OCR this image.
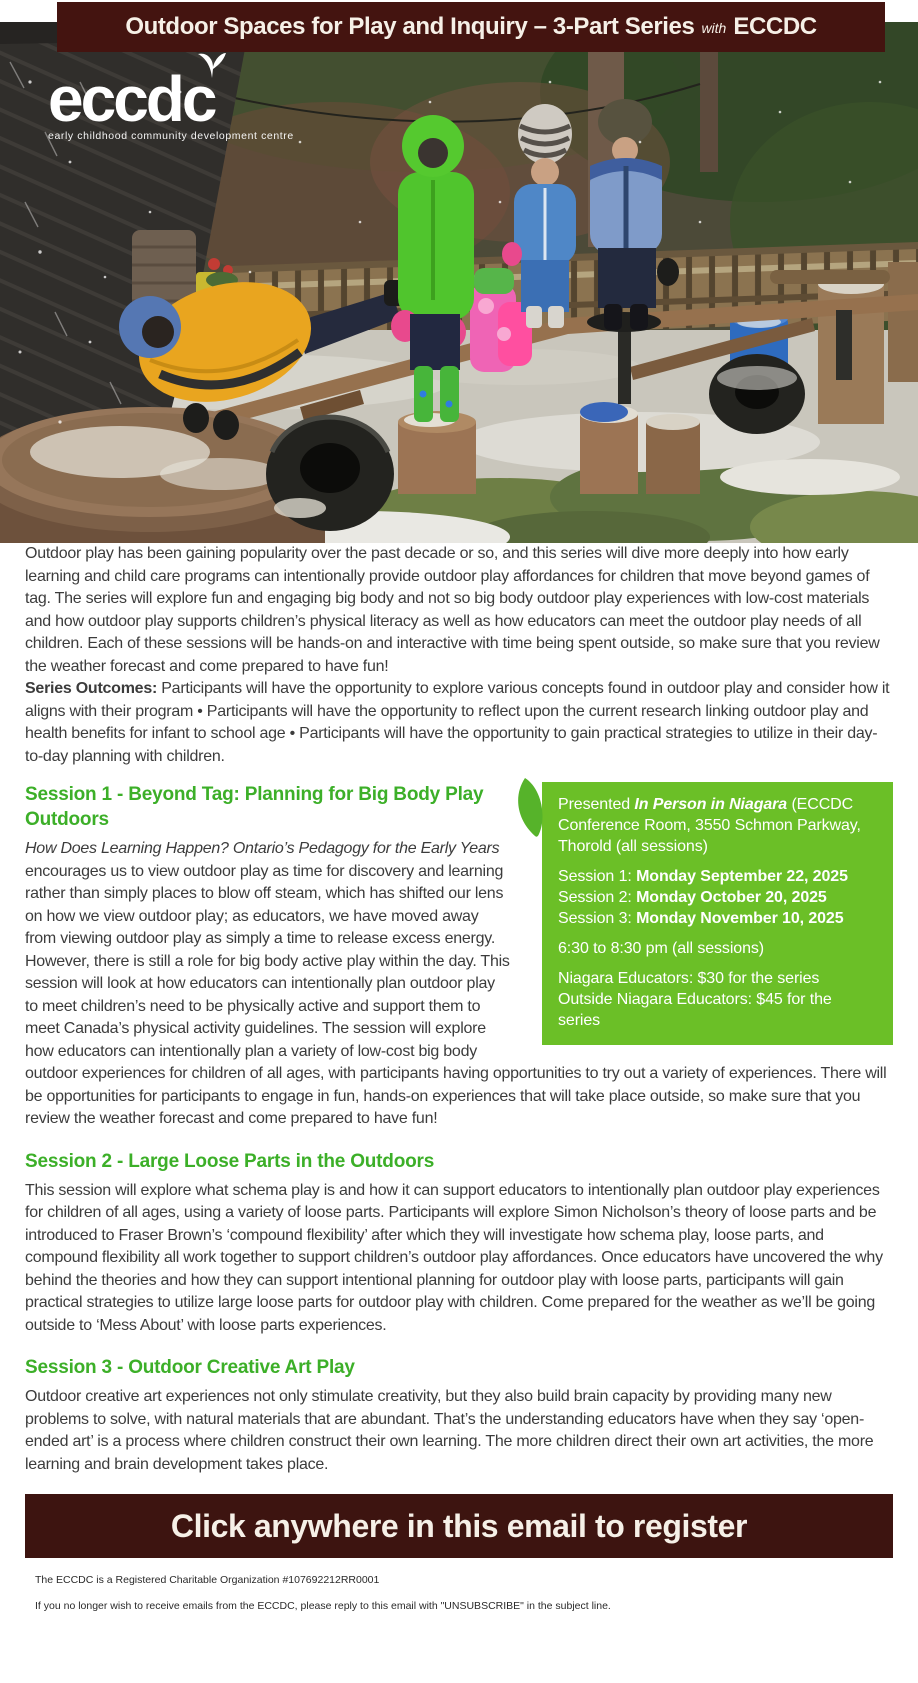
Outdoor Spaces for Play and Inquiry – 3-Part Series with ECCDC
eccdc
early childhood community development centre

Outdoor play has been gaining popularity over the past decade or so, and this series will dive more deeply into how early learning and child care programs can intentionally provide outdoor play affordances for children that move beyond games of tag. The series will explore fun and engaging big body and not so big body outdoor play experiences with low-cost materials and how outdoor play supports children’s physical literacy as well as how educators can meet the outdoor play needs of all children. Each of these sessions will be hands-on and interactive with time being spent outside, so make sure that you review the weather forecast and come prepared to have fun!

Series Outcomes: Participants will have the opportunity to explore various concepts found in outdoor play and consider how it aligns with their program • Participants will have the opportunity to reflect upon the current research linking outdoor play and health benefits for infant to school age • Participants will have the opportunity to gain practical strategies to utilize in their day-to-day planning with children.

Presented In Person in Niagara (ECCDC Conference Room, 3550 Schmon Parkway, Thorold (all sessions)

Session 1: Monday September 22, 2025
Session 2: Monday October 20, 2025
Session 3: Monday November 10, 2025

6:30 to 8:30 pm (all sessions)

Niagara Educators: $30 for the series
Outside Niagara Educators: $45 for the series

Session 1 - Beyond Tag: Planning for Big Body Play Outdoors

How Does Learning Happen? Ontario’s Pedagogy for the Early Years encourages us to view outdoor play as time for discovery and learning rather than simply places to blow off steam, which has shifted our lens on how we view outdoor play; as educators, we have moved away from viewing outdoor play as simply a time to release excess energy. However, there is still a role for big body active play within the day. This session will look at how educators can intentionally plan outdoor play to meet children’s need to be physically active and support them to meet Canada’s physical activity guidelines. The session will explore how educators can intentionally plan a variety of low-cost big body outdoor experiences for children of all ages, with participants having opportunities to try out a variety of experiences. There will be opportunities for participants to engage in fun, hands-on experiences that will take place outside, so make sure that you review the weather forecast and come prepared to have fun!

Session 2 - Large Loose Parts in the Outdoors

This session will explore what schema play is and how it can support educators to intentionally plan outdoor play experiences for children of all ages, using a variety of loose parts. Participants will explore Simon Nicholson’s theory of loose parts and be introduced to Fraser Brown’s ‘compound flexibility’ after which they will investigate how schema play, loose parts, and compound flexibility all work together to support children’s outdoor play affordances. Once educators have uncovered the why behind the theories and how they can support intentional planning for outdoor play with loose parts, participants will gain practical strategies to utilize large loose parts for outdoor play with children. Come prepared for the weather as we’ll be going outside to ‘Mess About’ with loose parts experiences.

Session 3 - Outdoor Creative Art Play

Outdoor creative art experiences not only stimulate creativity, but they also build brain capacity by providing many new problems to solve, with natural materials that are abundant. That’s the understanding educators have when they say ‘open-ended art’ is a process where children construct their own learning. The more children direct their own art activities, the more learning and brain development takes place.

Click anywhere in this email to register

The ECCDC is a Registered Charitable Organization #107692212RR0001

If you no longer wish to receive emails from the ECCDC, please reply to this email with "UNSUBSCRIBE" in the subject line.
